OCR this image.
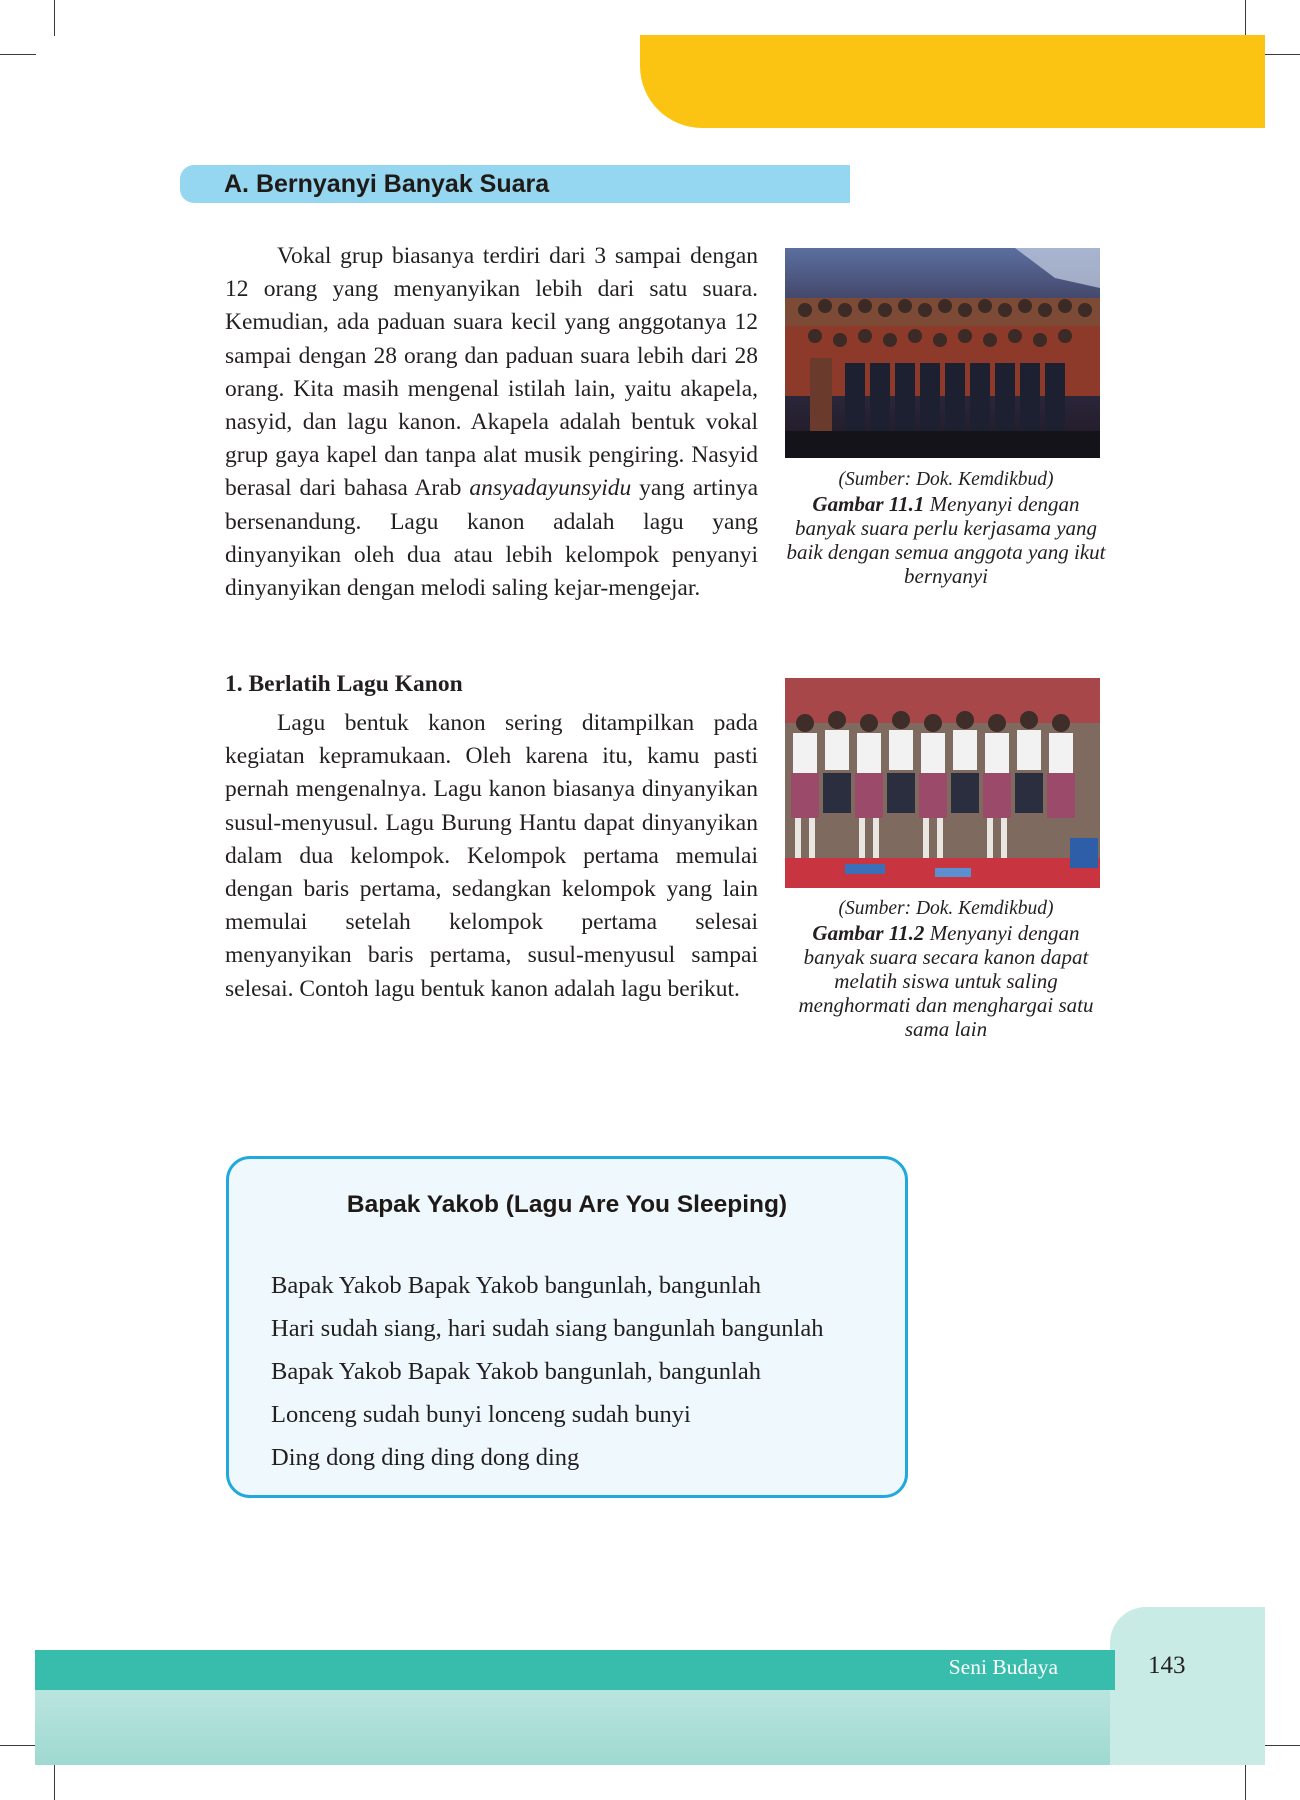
A. Bernyanyi Banyak Suara

Vokal grup biasanya terdiri dari 3 sampai dengan 12 orang yang menyanyikan lebih dari satu suara. Kemudian, ada paduan suara kecil yang anggotanya 12 sampai dengan 28 orang dan paduan suara lebih dari 28 orang. Kita masih mengenal istilah lain, yaitu akapela, nasyid, dan lagu kanon. Akapela adalah bentuk vokal grup gaya kapel dan tanpa alat musik pengiring. Nasyid berasal dari bahasa Arab ansyadayunsyidu yang artinya bersenandung. Lagu kanon adalah lagu yang dinyanyikan oleh dua atau lebih kelompok penyanyi dinyanyikan dengan melodi saling kejar-mengejar.

1. Berlatih Lagu Kanon

Lagu bentuk kanon sering ditampilkan pada kegiatan kepramukaan. Oleh karena itu, kamu pasti pernah mengenalnya. Lagu kanon biasanya dinyanyikan susul-menyusul. Lagu Burung Hantu dapat dinyanyikan dalam dua kelompok. Kelompok pertama memulai dengan baris pertama, sedangkan kelompok yang lain memulai setelah kelompok pertama selesai menyanyikan baris pertama, susul-menyusul sampai selesai. Contoh lagu bentuk kanon adalah lagu berikut.

(Sumber: Dok. Kemdikbud)
Gambar 11.1 Menyanyi dengan banyak suara perlu kerjasama yang baik dengan semua anggota yang ikut bernyanyi
(Sumber: Dok. Kemdikbud)
Gambar 11.2 Menyanyi dengan banyak suara secara kanon dapat melatih siswa untuk saling menghormati dan menghargai satu sama lain
Bapak Yakob (Lagu Are You Sleeping)
Bapak Yakob Bapak Yakob bangunlah, bangunlah
Hari sudah siang, hari sudah siang bangunlah bangunlah
Bapak Yakob Bapak Yakob bangunlah, bangunlah
Lonceng sudah bunyi lonceng sudah bunyi
Ding dong ding ding dong ding
Seni Budaya	143
